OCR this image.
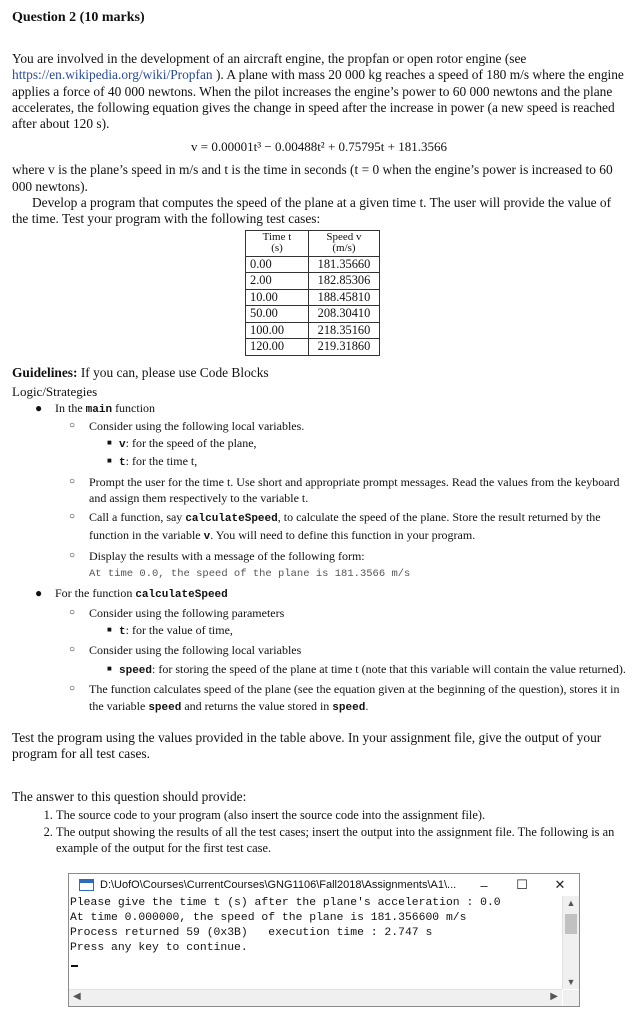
Question 2 (10 marks)

You are involved in the development of an aircraft engine, the propfan or open rotor engine (see https://en.wikipedia.org/wiki/Propfan ). A plane with mass 20 000 kg reaches a speed of 180 m/s where the engine applies a force of 40 000 newtons. When the pilot increases the engine’s power to 60 000 newtons and the plane accelerates, the following equation gives the change in speed after the increase in power (a new speed is reached after about 120 s).

v = 0.00001t³ − 0.00488t² + 0.75795t + 181.3566

where v is the plane’s speed in m/s and t is the time in seconds (t = 0 when the engine’s power is increased to 60 000 newtons).

Develop a program that computes the speed of the plane at a given time t. The user will provide the value of the time. Test your program with the following test cases:

Time t
(s)	Speed v
(m/s)
0.00	181.35660
2.00	182.85306
10.00	188.45810
50.00	208.30410
100.00	218.35160
120.00	219.31860
Guidelines: If you can, please use Code Blocks
Logic/Strategies
● In the main function
○ Consider using the following local variables.
■ v: for the speed of the plane,
■ t: for the time t,
○ Prompt the user for the time t. Use short and appropriate prompt messages. Read the values from the keyboard and assign them respectively to the variable t.
○ Call a function, say calculateSpeed, to calculate the speed of the plane. Store the result returned by the function in the variable v. You will need to define this function in your program.
○ Display the results with a message of the following form:
At time 0.0, the speed of the plane is 181.3566 m/s
● For the function calculateSpeed
○ Consider using the following parameters
■ t: for the value of time,
○ Consider using the following local variables
■ speed: for storing the speed of the plane at time t (note that this variable will contain the value returned).
○ The function calculates speed of the plane (see the equation given at the beginning of the question), stores it in the variable speed and returns the value stored in speed.

Test the program using the values provided in the table above. In your assignment file, give the output of your program for all test cases.

The answer to this question should provide:

1. The source code to your program (also insert the source code into the assignment file).
2. The output showing the results of all the test cases; insert the output into the assignment file. The following is an example of the output for the first test case.
D:\UofO\Courses\CurrentCourses\GNG1106\Fall2018\Assignments\A1\...	–	☐	✕
Please give the time t (s) after the plane's acceleration : 0.0
At time 0.000000, the speed of the plane is 181.356600 m/s
Process returned 59 (0x3B)   execution time : 2.747 s
Press any key to continue.
▲
▼
◀	▶
